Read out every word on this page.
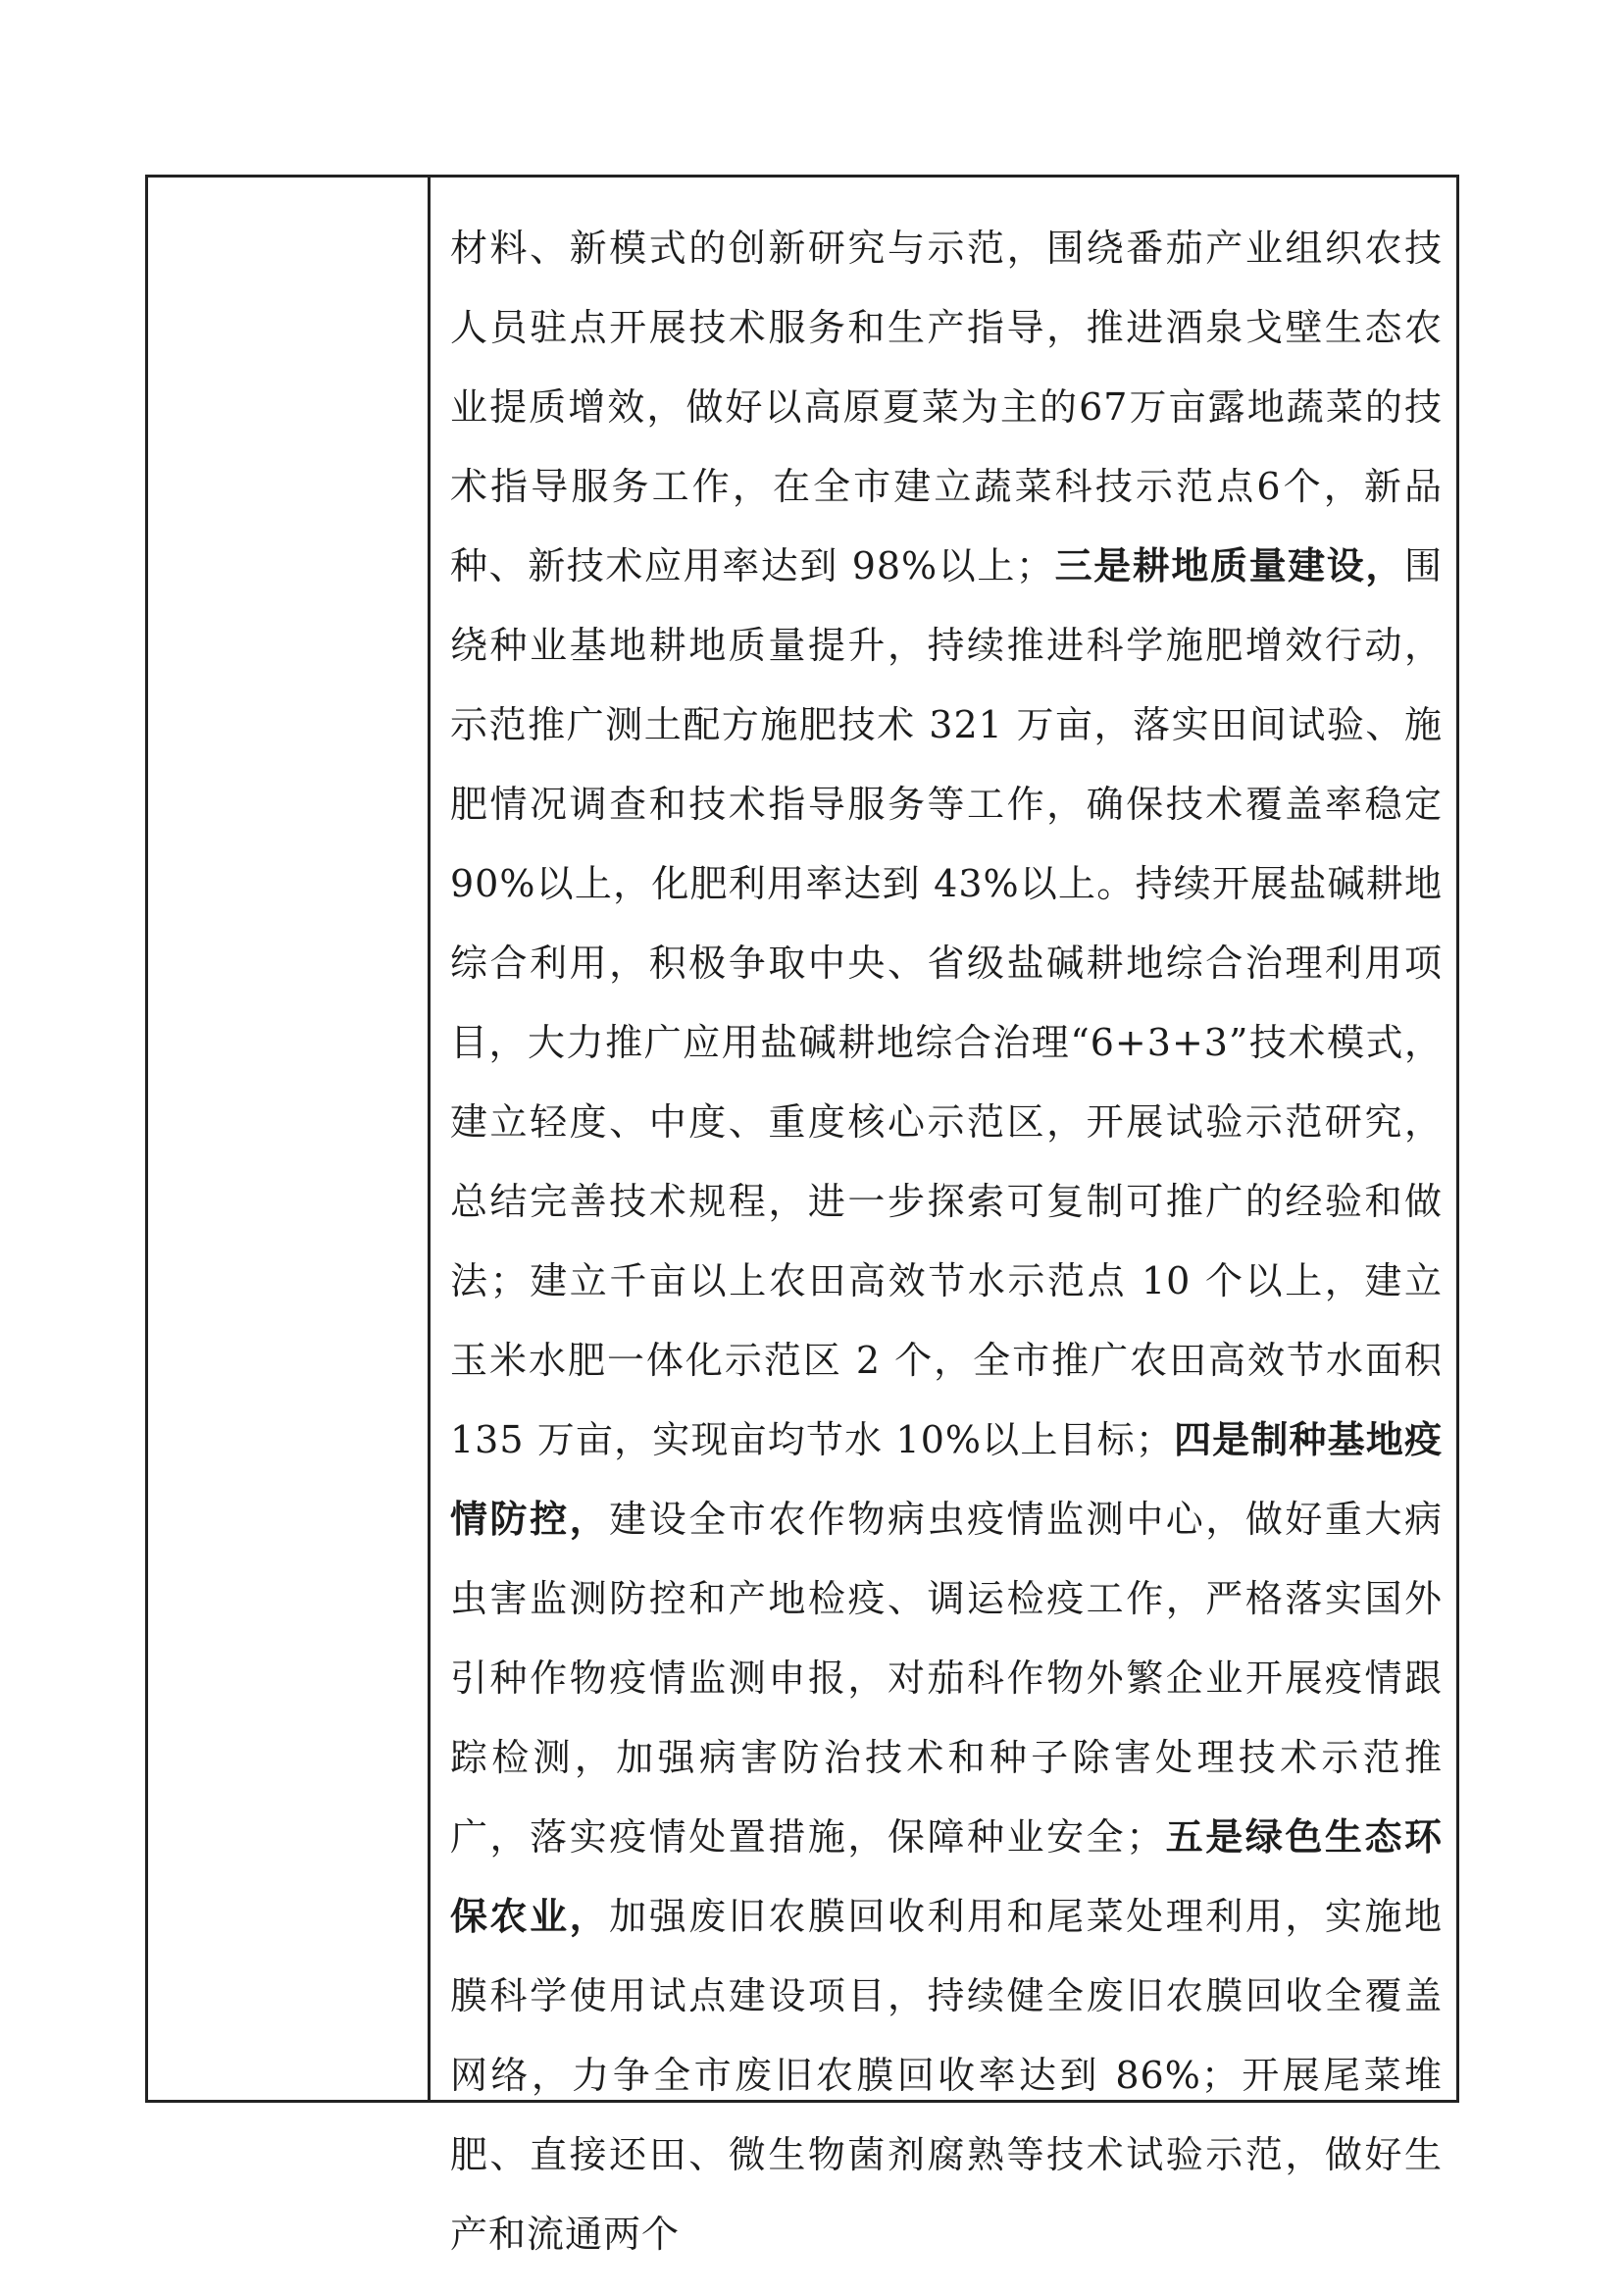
材料、新模式的创新研究与示范，围绕番茄产业组织农技人员驻点开展技术服务和生产指导，推进酒泉戈壁生态农业提质增效，做好以高原夏菜为主的67万亩露地蔬菜的技术指导服务工作，在全市建立蔬菜科技示范点6个，新品种、新技术应用率达到 98%以上；三是耕地质量建设，围绕种业基地耕地质量提升，持续推进科学施肥增效行动，示范推广测土配方施肥技术 321 万亩，落实田间试验、施肥情况调查和技术指导服务等工作，确保技术覆盖率稳定 90%以上，化肥利用率达到 43%以上。持续开展盐碱耕地综合利用，积极争取中央、省级盐碱耕地综合治理利用项目，大力推广应用盐碱耕地综合治理“6+3+3”技术模式，建立轻度、中度、重度核心示范区，开展试验示范研究，总结完善技术规程，进一步探索可复制可推广的经验和做法；建立千亩以上农田高效节水示范点 10 个以上，建立玉米水肥一体化示范区 2 个，全市推广农田高效节水面积 135 万亩，实现亩均节水 10%以上目标；四是制种基地疫情防控，建设全市农作物病虫疫情监测中心，做好重大病虫害监测防控和产地检疫、调运检疫工作，严格落实国外引种作物疫情监测申报，对茄科作物外繁企业开展疫情跟踪检测，加强病害防治技术和种子除害处理技术示范推广，落实疫情处置措施，保障种业安全；五是绿色生态环保农业，加强废旧农膜回收利用和尾菜处理利用，实施地膜科学使用试点建设项目，持续健全废旧农膜回收全覆盖网络，力争全市废旧农膜回收率达到 86%；开展尾菜堆肥、直接还田、微生物菌剂腐熟等技术试验示范，做好生产和流通两个
